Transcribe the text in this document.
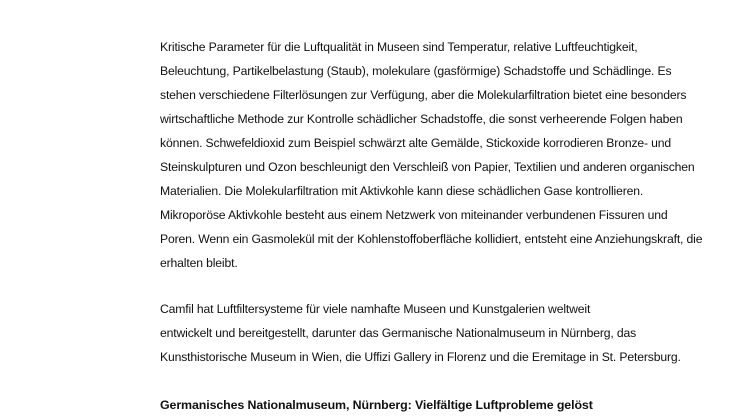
Kritische Parameter für die Luftqualität in Museen sind Temperatur, relative Luftfeuchtigkeit,
Beleuchtung, Partikelbelastung (Staub), molekulare (gasförmige) Schadstoffe und Schädlinge. Es
stehen verschiedene Filterlösungen zur Verfügung, aber die Molekularfiltration bietet eine besonders
wirtschaftliche Methode zur Kontrolle schädlicher Schadstoffe, die sonst verheerende Folgen haben
können. Schwefeldioxid zum Beispiel schwärzt alte Gemälde, Stickoxide korrodieren Bronze- und
Steinskulpturen und Ozon beschleunigt den Verschleiß von Papier, Textilien und anderen organischen
Materialien. Die Molekularfiltration mit Aktivkohle kann diese schädlichen Gase kontrollieren.
Mikroporöse Aktivkohle besteht aus einem Netzwerk von miteinander verbundenen Fissuren und
Poren. Wenn ein Gasmolekül mit der Kohlenstoffoberfläche kollidiert, entsteht eine Anziehungskraft, die
erhalten bleibt.
Camfil hat Luftfiltersysteme für viele namhafte Museen und Kunstgalerien weltweit
entwickelt und bereitgestellt, darunter das Germanische Nationalmuseum in Nürnberg, das
Kunsthistorische Museum in Wien, die Uffizi Gallery in Florenz und die Eremitage in St. Petersburg.
Germanisches Nationalmuseum, Nürnberg: Vielfältige Luftprobleme gelöst
